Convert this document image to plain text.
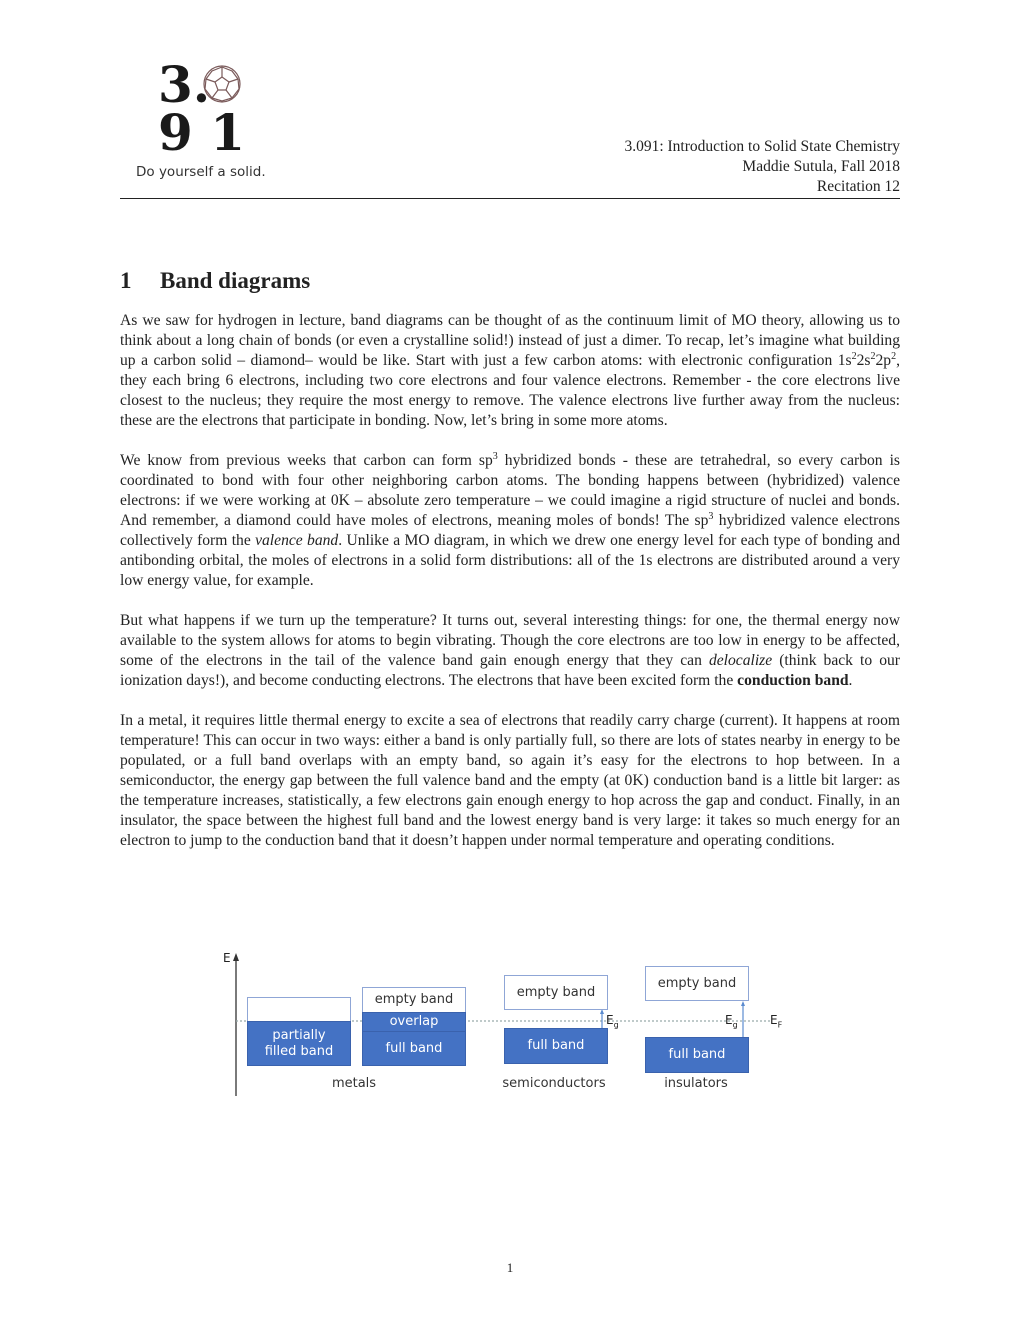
3.
9 1
Do yourself a solid.
3.091: Introduction to Solid State Chemistry
Maddie Sutula, Fall 2018
Recitation 12
1 Band diagrams

As we saw for hydrogen in lecture, band diagrams can be thought of as the continuum limit of MO theory, allowing us to think about a long chain of bonds (or even a crystalline solid!) instead of just a dimer. To recap, let’s imagine what building up a carbon solid – diamond– would be like. Start with just a few carbon atoms: with electronic configuration $1s^22s^22p^2$, they each bring 6 electrons, including two core electrons and four valence electrons. Remember - the core electrons live closest to the nucleus; they require the most energy to remove. The valence electrons live further away from the nucleus: these are the electrons that participate in bonding. Now, let’s bring in some more atoms.

We know from previous weeks that carbon can form $sp^3$ hybridized bonds - these are tetrahedral, so every carbon is coordinated to bond with four other neighboring carbon atoms. The bonding happens between (hybridized) valence electrons: if we were working at 0K – absolute zero temperature – we could imagine a rigid structure of nuclei and bonds. And remember, a diamond could have moles of electrons, meaning moles of bonds! The $sp^3$ hybridized valence electrons collectively form the valence band. Unlike a MO diagram, in which we drew one energy level for each type of bonding and antibonding orbital, the moles of electrons in a solid form distributions: all of the 1s electrons are distributed around a very low energy value, for example.

But what happens if we turn up the temperature? It turns out, several interesting things: for one, the thermal energy now available to the system allows for atoms to begin vibrating. Though the core electrons are too low in energy to be affected, some of the electrons in the tail of the valence band gain enough energy that they can delocalize (think back to our ionization days!), and become conducting electrons. The electrons that have been excited form the conduction band.

In a metal, it requires little thermal energy to excite a sea of electrons that readily carry charge (current). It happens at room temperature! This can occur in two ways: either a band is only partially full, so there are lots of states nearby in energy to be populated, or a full band overlaps with an empty band, so again it’s easy for the electrons to hop between. In a semiconductor, the energy gap between the full valence band and the empty (at 0K) conduction band is a little bit larger: as the temperature increases, statistically, a few electrons gain enough energy to hop across the gap and conduct. Finally, in an insulator, the space between the highest full band and the lowest energy band is very large: it takes so much energy for an electron to jump to the conduction band that it doesn’t happen under normal temperature and operating conditions.

E
partially filled band
empty band
overlap
full band
empty band
full band
$E_g$
empty band
full band
$E_g$	$E_F$
metals	semiconductors	insulators
1
